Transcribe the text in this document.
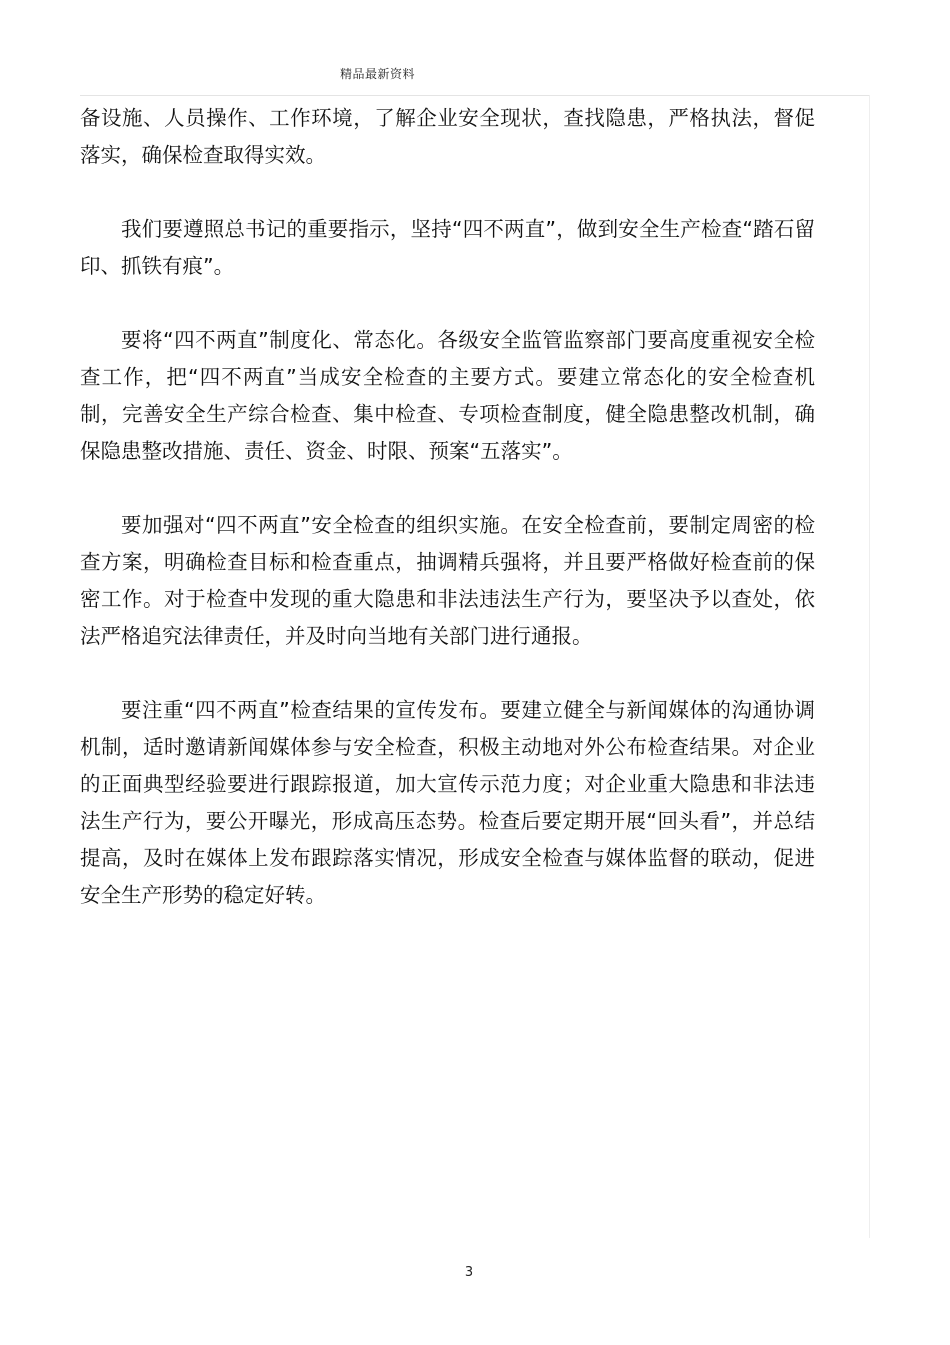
精品最新资料

备设施、人员操作、工作环境，了解企业安全现状，查找隐患，严格执法，督促落实，确保检查取得实效。

我们要遵照总书记的重要指示，坚持“四不两直”，做到安全生产检查“踏石留印、抓铁有痕”。

要将“四不两直”制度化、常态化。各级安全监管监察部门要高度重视安全检查工作，把“四不两直”当成安全检查的主要方式。要建立常态化的安全检查机制，完善安全生产综合检查、集中检查、专项检查制度，健全隐患整改机制，确保隐患整改措施、责任、资金、时限、预案“五落实”。

要加强对“四不两直”安全检查的组织实施。在安全检查前，要制定周密的检查方案，明确检查目标和检查重点，抽调精兵强将，并且要严格做好检查前的保密工作。对于检查中发现的重大隐患和非法违法生产行为，要坚决予以查处，依法严格追究法律责任，并及时向当地有关部门进行通报。

要注重“四不两直”检查结果的宣传发布。要建立健全与新闻媒体的沟通协调机制，适时邀请新闻媒体参与安全检查，积极主动地对外公布检查结果。对企业的正面典型经验要进行跟踪报道，加大宣传示范力度；对企业重大隐患和非法违法生产行为，要公开曝光，形成高压态势。检查后要定期开展“回头看”，并总结提高，及时在媒体上发布跟踪落实情况，形成安全检查与媒体监督的联动，促进安全生产形势的稳定好转。

3
